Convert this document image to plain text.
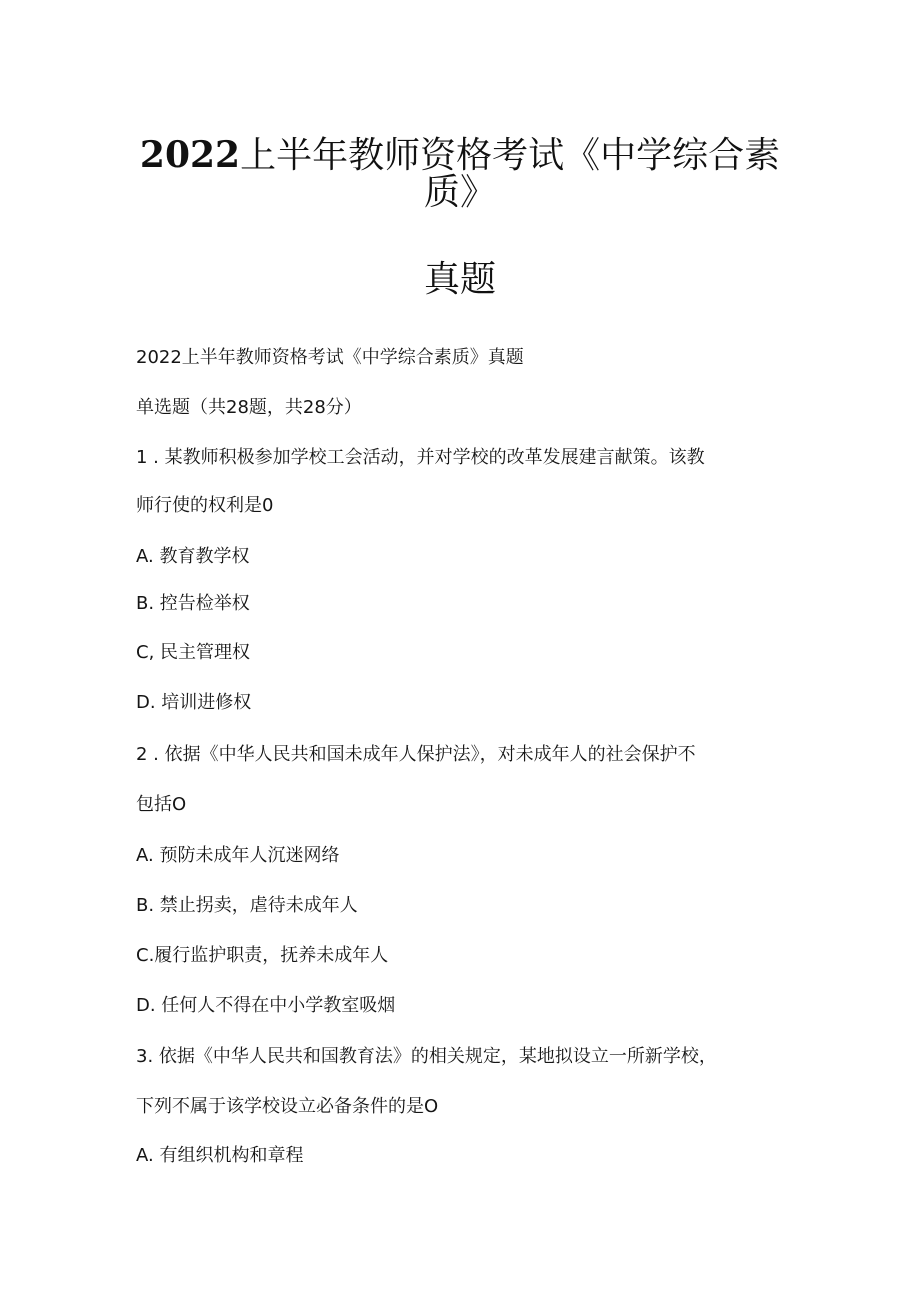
2022上半年教师资格考试《中学综合素
质》
真题
2022上半年教师资格考试《中学综合素质》真题
单选题（共28题，共28分）
1 . 某教师积极参加学校工会活动，并对学校的改革发展建言献策。该教
师行使的权利是0
A. 教育教学权
B. 控告检举权
C, 民主管理权
D. 培训进修权
2 . 依据《中华人民共和国未成年人保护法》，对未成年人的社会保护不
包括O
A. 预防未成年人沉迷网络
B. 禁止拐卖，虐待未成年人
C.履行监护职责，抚养未成年人
D. 任何人不得在中小学教室吸烟
3. 依据《中华人民共和国教育法》的相关规定，某地拟设立一所新学校，
下列不属于该学校设立必备条件的是O
A. 有组织机构和章程
